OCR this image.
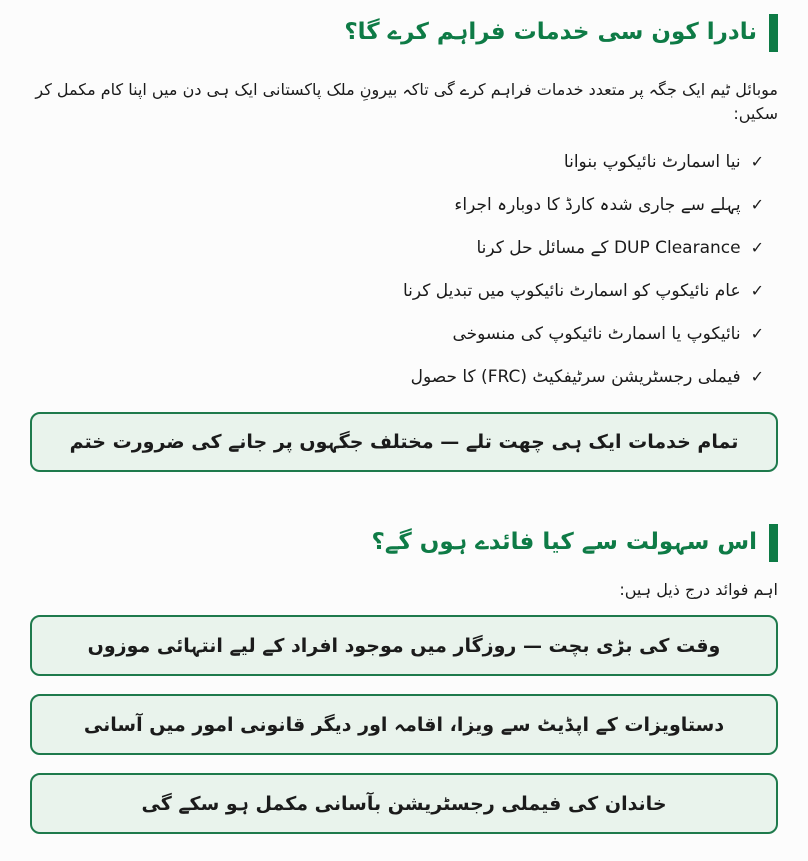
نادرا کون سی خدمات فراہم کرے گا؟
موبائل ٹیم ایک جگہ پر متعدد خدمات فراہم کرے گی تاکہ بیرونِ ملک پاکستانی ایک ہی دن میں اپنا کام مکمل کر سکیں:
✓
نیا اسمارٹ نائیکوپ بنوانا
✓
پہلے سے جاری شدہ کارڈ کا دوبارہ اجراء
✓
DUP Clearance کے مسائل حل کرنا
✓
عام نائیکوپ کو اسمارٹ نائیکوپ میں تبدیل کرنا
✓
نائیکوپ یا اسمارٹ نائیکوپ کی منسوخی
✓
فیملی رجسٹریشن سرٹیفکیٹ (FRC) کا حصول
تمام خدمات ایک ہی چھت تلے — مختلف جگہوں پر جانے کی ضرورت ختم
اس سہولت سے کیا فائدے ہوں گے؟
اہم فوائد درج ذیل ہیں:
وقت کی بڑی بچت — روزگار میں موجود افراد کے لیے انتہائی موزوں
دستاویزات کے اپڈیٹ سے ویزا، اقامہ اور دیگر قانونی امور میں آسانی
خاندان کی فیملی رجسٹریشن بآسانی مکمل ہو سکے گی
